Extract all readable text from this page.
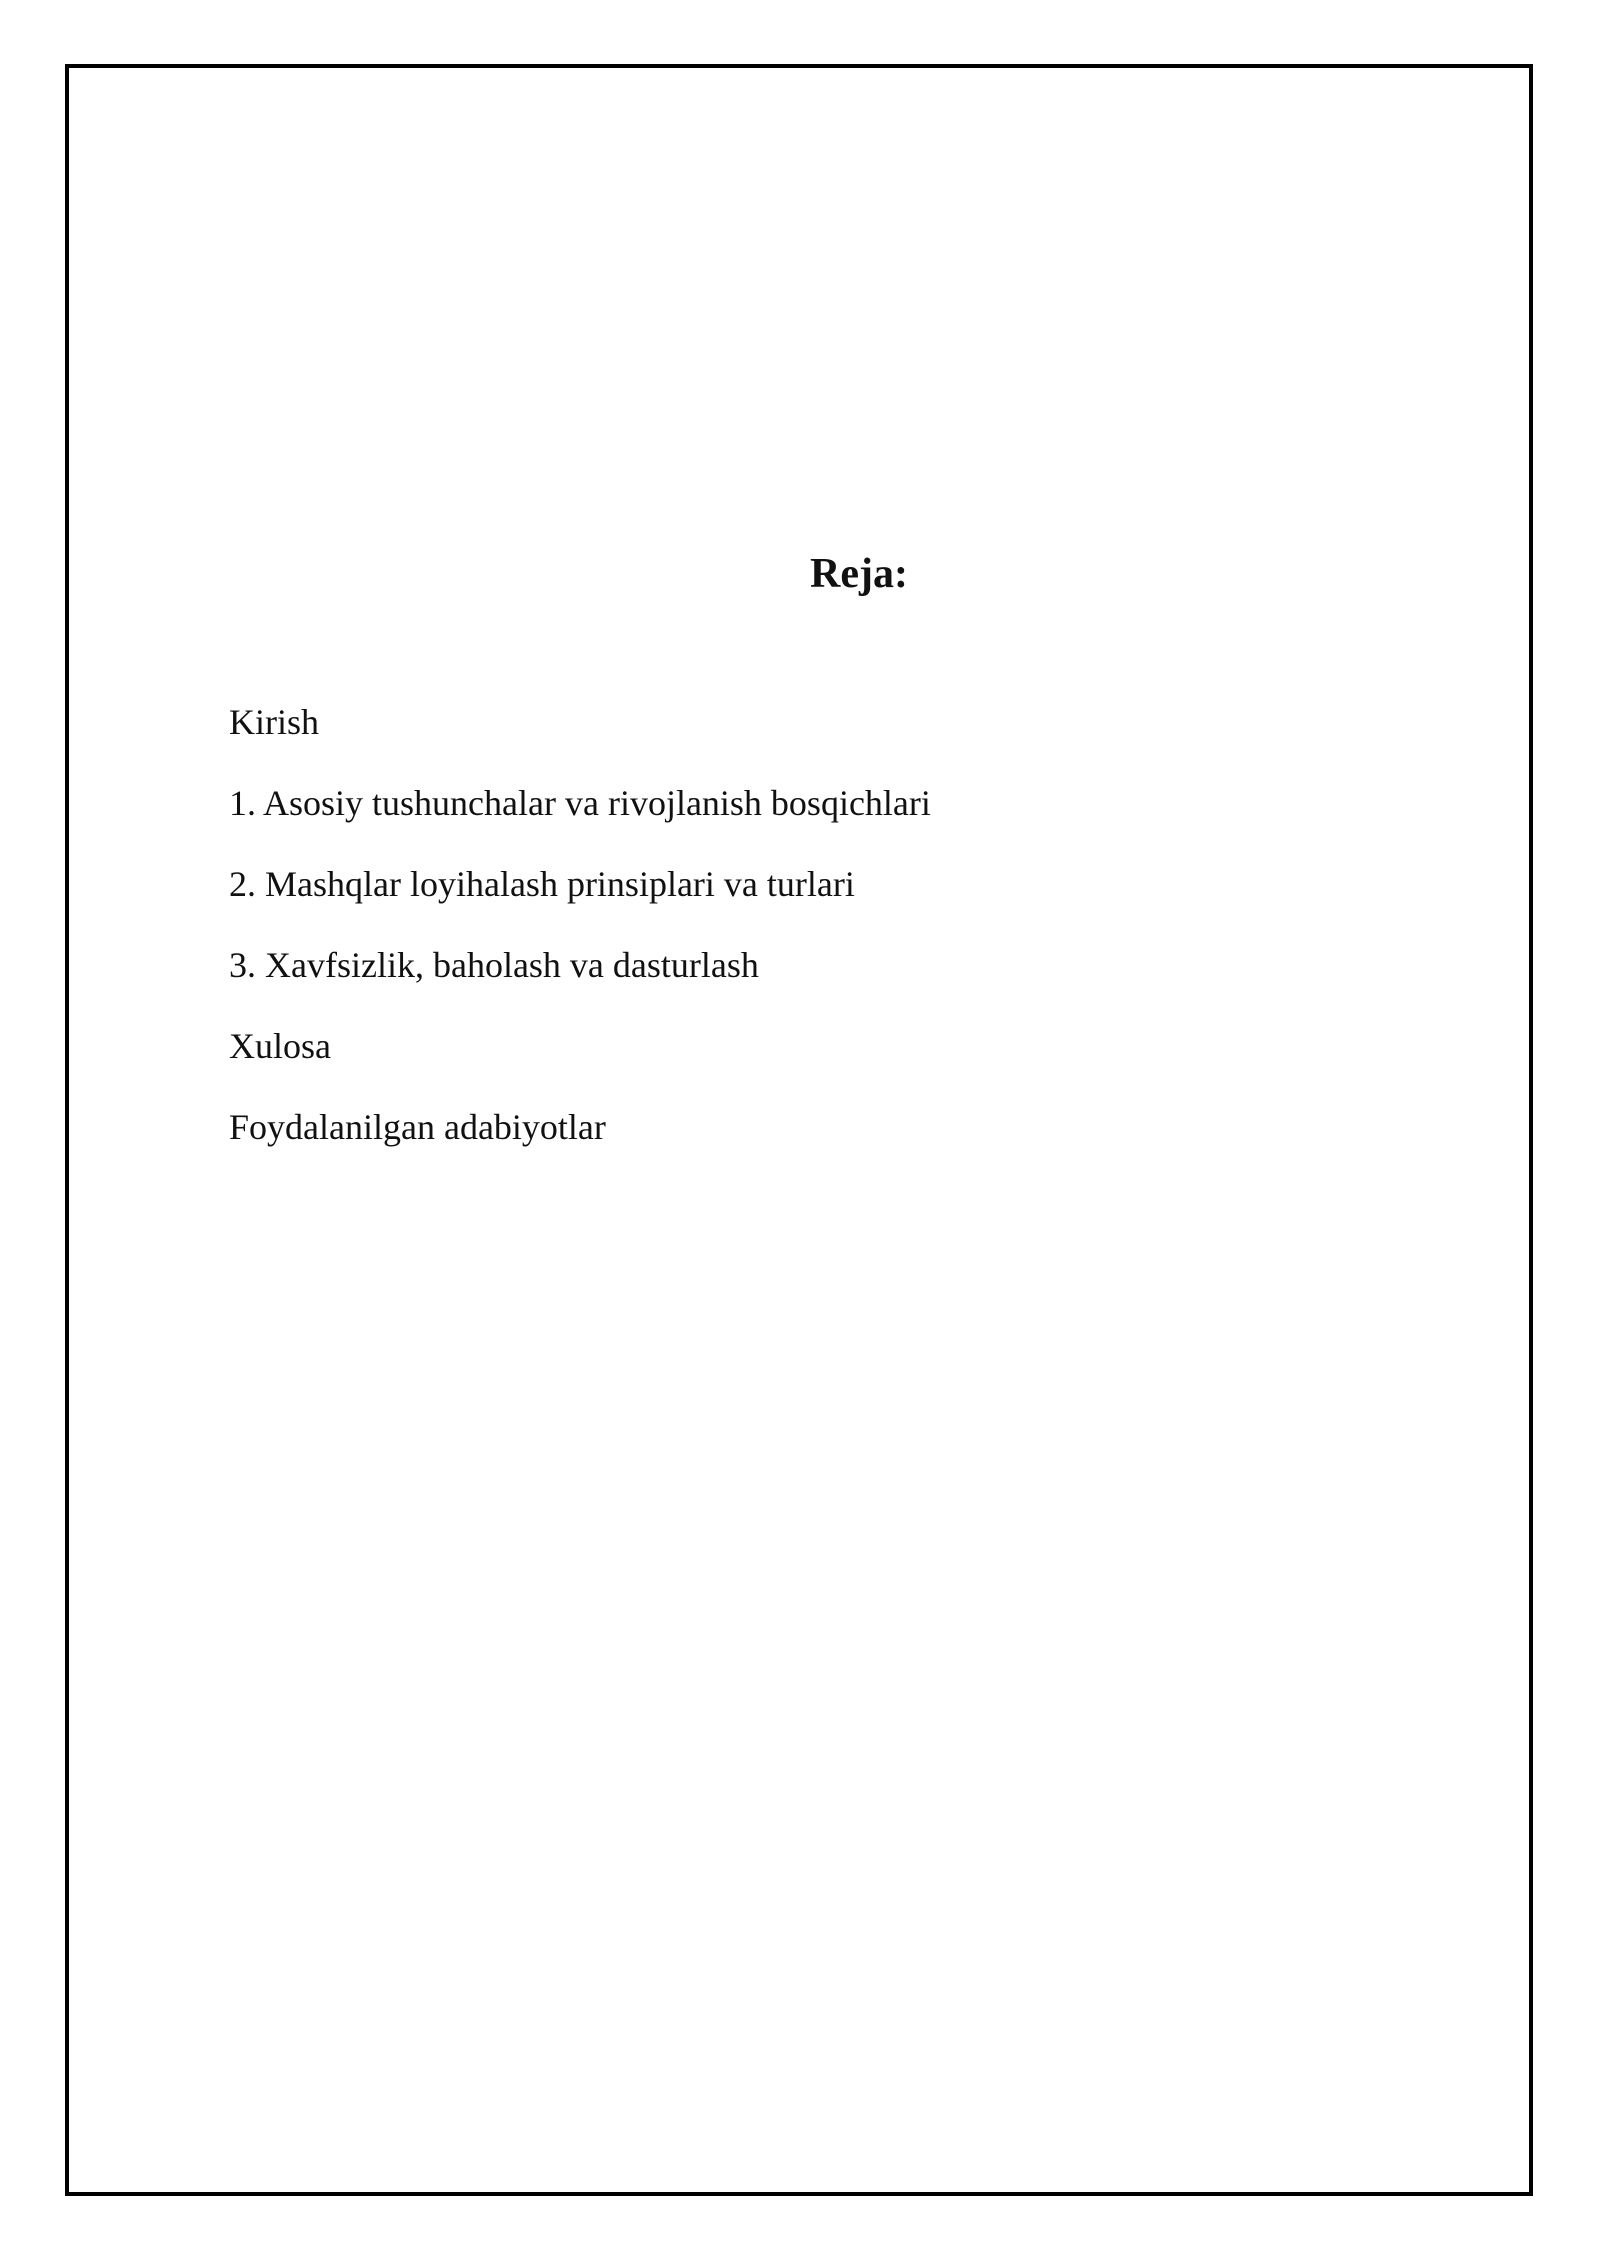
Reja:
Kirish
1. Asosiy tushunchalar va rivojlanish bosqichlari
2. Mashqlar loyihalash prinsiplari va turlari
3. Xavfsizlik, baholash va dasturlash
Xulosa
Foydalanilgan adabiyotlar
